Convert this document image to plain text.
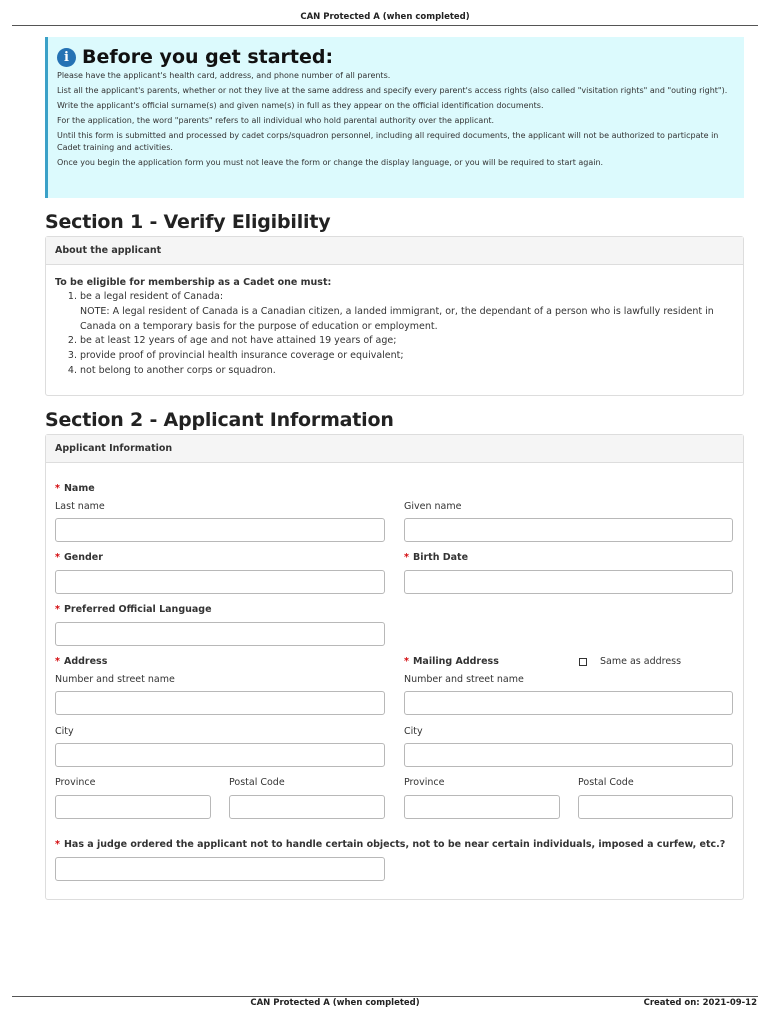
CAN Protected A (when completed)
i Before you get started:

Please have the applicant's health card, address, and phone number of all parents.

List all the applicant's parents, whether or not they live at the same address and specify every parent's access rights (also called "visitation rights" and "outing right").

Write the applicant's official surname(s) and given name(s) in full as they appear on the official identification documents.

For the application, the word "parents" refers to all individual who hold parental authority over the applicant.

Until this form is submitted and processed by cadet corps/squadron personnel, including all required documents, the applicant will not be authorized to particpate in Cadet training and activities.

Once you begin the application form you must not leave the form or change the display language, or you will be required to start again.

Section 1 - Verify Eligibility
About the applicant
To be eligible for membership as a Cadet one must:
1. be a legal resident of Canada:
NOTE: A legal resident of Canada is a Canadian citizen, a landed immigrant, or, the dependant of a person who is lawfully resident in Canada on a temporary basis for the purpose of education or employment.
2. be at least 12 years of age and not have attained 19 years of age;
3. provide proof of provincial health insurance coverage or equivalent;
4. not belong to another corps or squadron.
Section 2 - Applicant Information
Applicant Information
* Name
Last name	Given name
* Gender	* Birth Date
* Preferred Official Language
* Address	* Mailing Address	Same as address
Number and street name	Number and street name
City	City
Province	Postal Code	Province	Postal Code
* Has a judge ordered the applicant not to handle certain objects, not to be near certain individuals, imposed a curfew, etc.?
CAN Protected A (when completed)	Created on: 2021-09-12
